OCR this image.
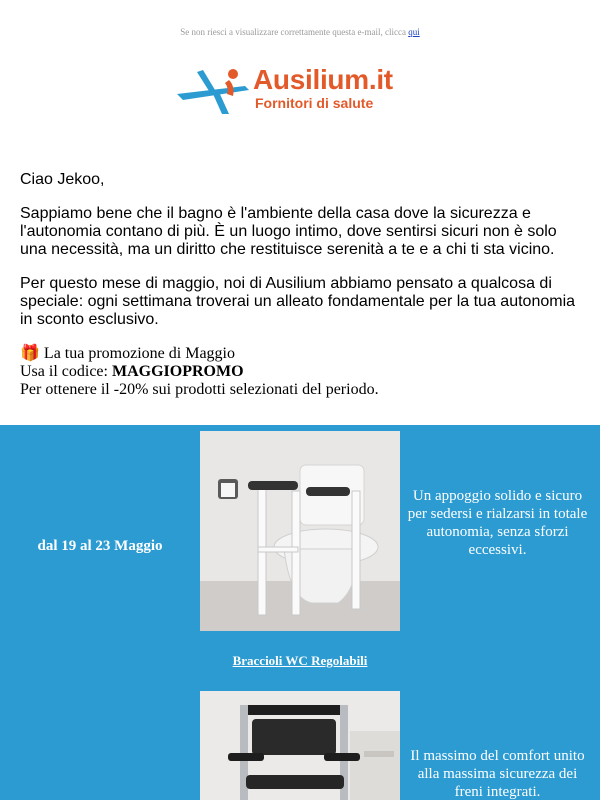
Se non riesci a visualizzare correttamente questa e-mail, clicca qui
Ausilium.it
Fornitori di salute
Ciao Jekoo,
Sappiamo bene che il bagno è l'ambiente della casa dove la sicurezza e l'autonomia contano di più. È un luogo intimo, dove sentirsi sicuri non è solo una necessità, ma un diritto che restituisce serenità a te e a chi ti sta vicino.
Per questo mese di maggio, noi di Ausilium abbiamo pensato a qualcosa di speciale: ogni settimana troverai un alleato fondamentale per la tua autonomia in sconto esclusivo.
🎁 La tua promozione di Maggio
Usa il codice: MAGGIOPROMO
Per ottenere il -20% sui prodotti selezionati del periodo.
dal 19 al 23 Maggio
Un appoggio solido e sicuro per sedersi e rialzarsi in totale autonomia, senza sforzi eccessivi.
Braccioli WC Regolabili
Il massimo del comfort unito alla massima sicurezza dei freni integrati.
